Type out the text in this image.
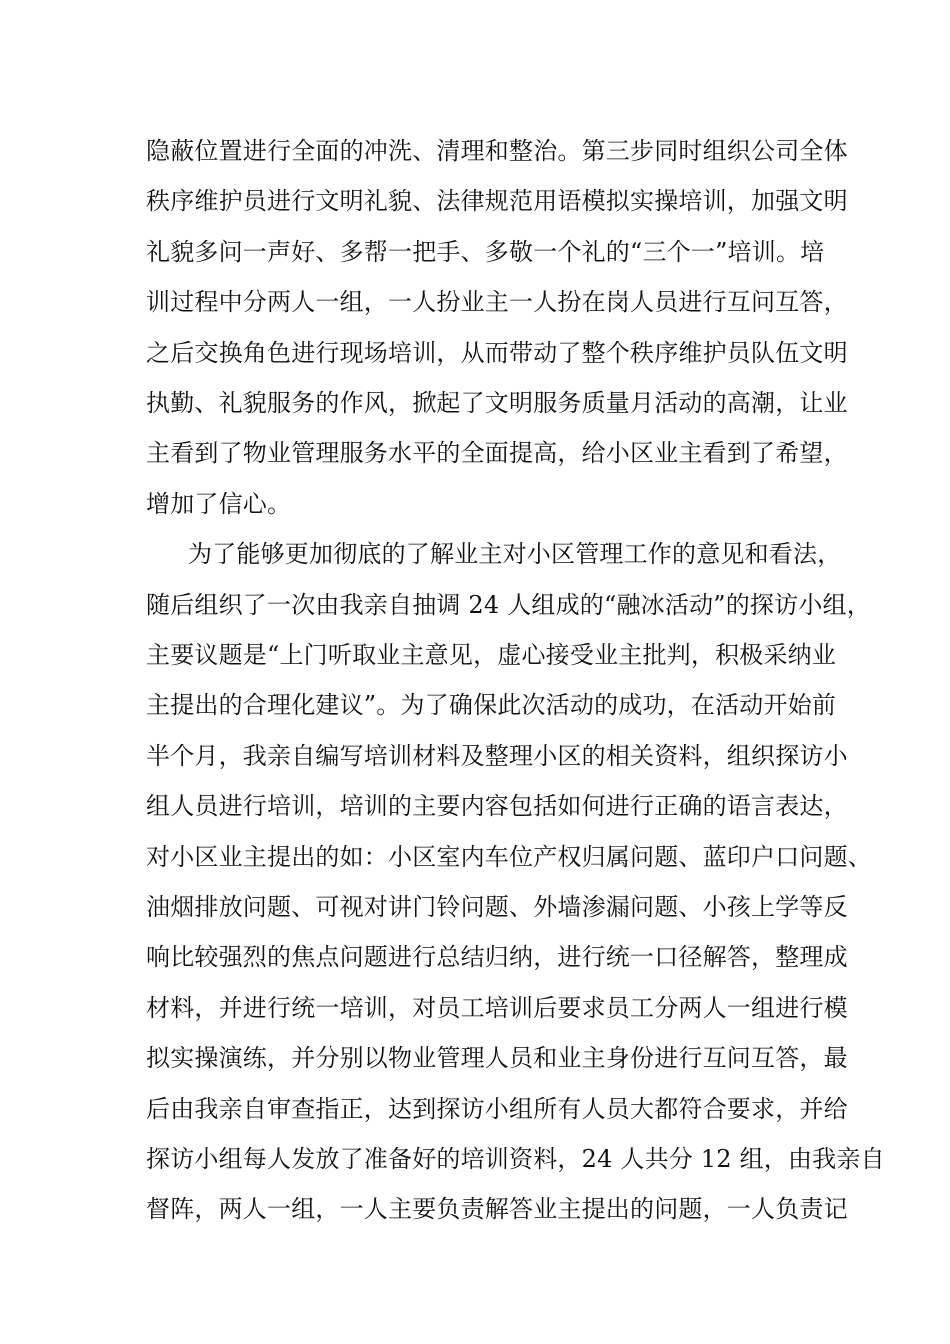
隐蔽位置进行全面的冲洗、清理和整治。第三步同时组织公司全体
秩序维护员进行文明礼貌、法律规范用语模拟实操培训，加强文明
礼貌多问一声好、多帮一把手、多敬一个礼的“三个一”培训。培
训过程中分两人一组，一人扮业主一人扮在岗人员进行互问互答，
之后交换角色进行现场培训，从而带动了整个秩序维护员队伍文明
执勤、礼貌服务的作风，掀起了文明服务质量月活动的高潮，让业
主看到了物业管理服务水平的全面提高，给小区业主看到了希望，
增加了信心。
为了能够更加彻底的了解业主对小区管理工作的意见和看法，
随后组织了一次由我亲自抽调 24 人组成的“融冰活动”的探访小组，
主要议题是“上门听取业主意见，虚心接受业主批判，积极采纳业
主提出的合理化建议”。为了确保此次活动的成功，在活动开始前
半个月，我亲自编写培训材料及整理小区的相关资料，组织探访小
组人员进行培训，培训的主要内容包括如何进行正确的语言表达，
对小区业主提出的如：小区室内车位产权归属问题、蓝印户口问题、
油烟排放问题、可视对讲门铃问题、外墙渗漏问题、小孩上学等反
响比较强烈的焦点问题进行总结归纳，进行统一口径解答，整理成
材料，并进行统一培训，对员工培训后要求员工分两人一组进行模
拟实操演练，并分别以物业管理人员和业主身份进行互问互答，最
后由我亲自审查指正，达到探访小组所有人员大都符合要求，并给
探访小组每人发放了准备好的培训资料，24 人共分 12 组，由我亲自
督阵，两人一组，一人主要负责解答业主提出的问题，一人负责记
